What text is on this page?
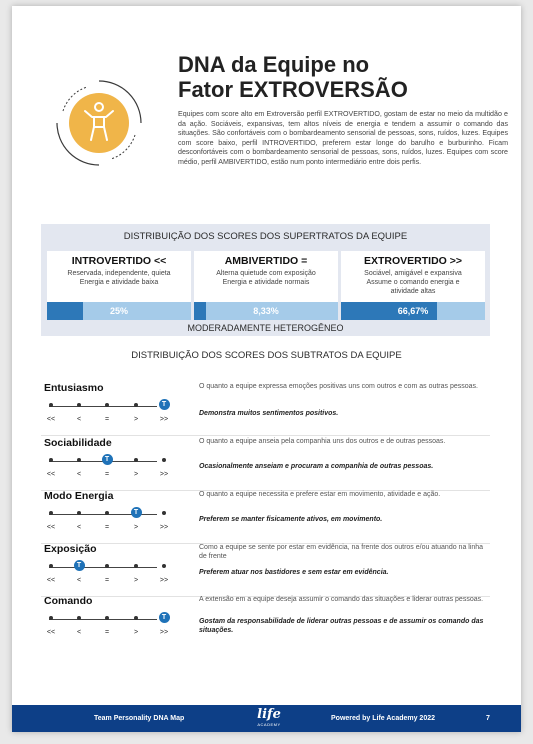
DNA da Equipe no
Fator EXTROVERSÃO
Equipes com score alto em Extroversão perfil EXTROVERTIDO, gostam de estar no meio da multidão e da ação. Sociáveis, expansivas, tem altos níveis de energia e tendem a assumir o comando das situações. São confortáveis com o bombardeamento sensorial de pessoas, sons, ruídos, luzes. Equipes com score baixo, perfil INTROVERTIDO, preferem estar longe do barulho e burburinho. Ficam desconfortáveis com o bombardeamento sensorial de pessoas, sons, ruídos, luzes. Equipes com score médio, perfil AMBIVERTIDO, estão num ponto intermediário entre dois perfis.
DISTRIBUIÇÃO DOS SCORES DOS SUPERTRATOS DA EQUIPE
INTROVERTIDO <<
Reservada, independente, quieta
Energia e atividade baixa
25%
AMBIVERTIDO =
Alterna quietude com exposição
Energia e atividade normais
8,33%
EXTROVERTIDO >>
Sociável, amigável e expansiva
Assume o comando energia e
atividade altas
66,67%
MODERADAMENTE HETEROGÊNEO
DISTRIBUIÇÃO DOS SCORES DOS SUBTRATOS DA EQUIPE
Entusiasmo
<<	<	=	>	>>
T
O quanto a equipe expressa emoções positivas uns com outros e com as outras pessoas.
Demonstra muitos sentimentos positivos.
Sociabilidade
<<	<	=	>	>>
T
O quanto a equipe anseia pela companhia uns dos outros e de outras pessoas.
Ocasionalmente anseiam e procuram a companhia de outras pessoas.
Modo Energia
<<	<	=	>	>>
T
O quanto a equipe necessita e prefere estar em movimento, atividade e ação.
Preferem se manter fisicamente ativos, em movimento.
Exposição
<<	<	=	>	>>
T
Como a equipe se sente por estar em evidência, na frente dos outros e/ou atuando na linha de frente
Preferem atuar nos bastidores e sem estar em evidência.
Comando
<<	<	=	>	>>
T
A extensão em a equipe deseja assumir o comando das situações e liderar outras pessoas.
Gostam da responsabilidade de liderar outras pessoas e de assumir os comando das situações.
Team Personality DNA Map	life
ACADEMY
Powered by Life Academy 2022	7
